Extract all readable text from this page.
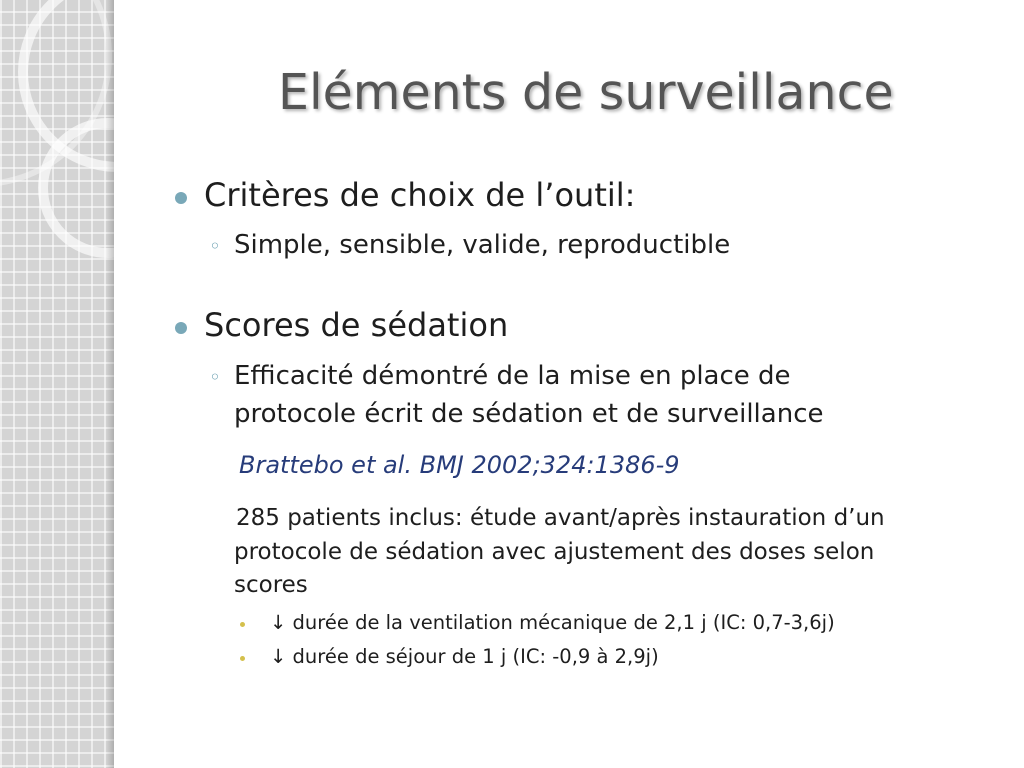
Eléments de surveillance
Critères de choix de l’outil:
◦ Simple, sensible, valide, reproductible
Scores de sédation
◦ Efficacité démontré de la mise en place de
protocole écrit de sédation et de surveillance
Brattebo et al. BMJ 2002;324:1386-9
285 patients inclus: étude avant/après instauration d’un
protocole de sédation avec ajustement des doses selon
scores
↓ durée de la ventilation mécanique de 2,1 j (IC: 0,7-3,6j)
↓ durée de séjour de 1 j (IC: -0,9 à 2,9j)
